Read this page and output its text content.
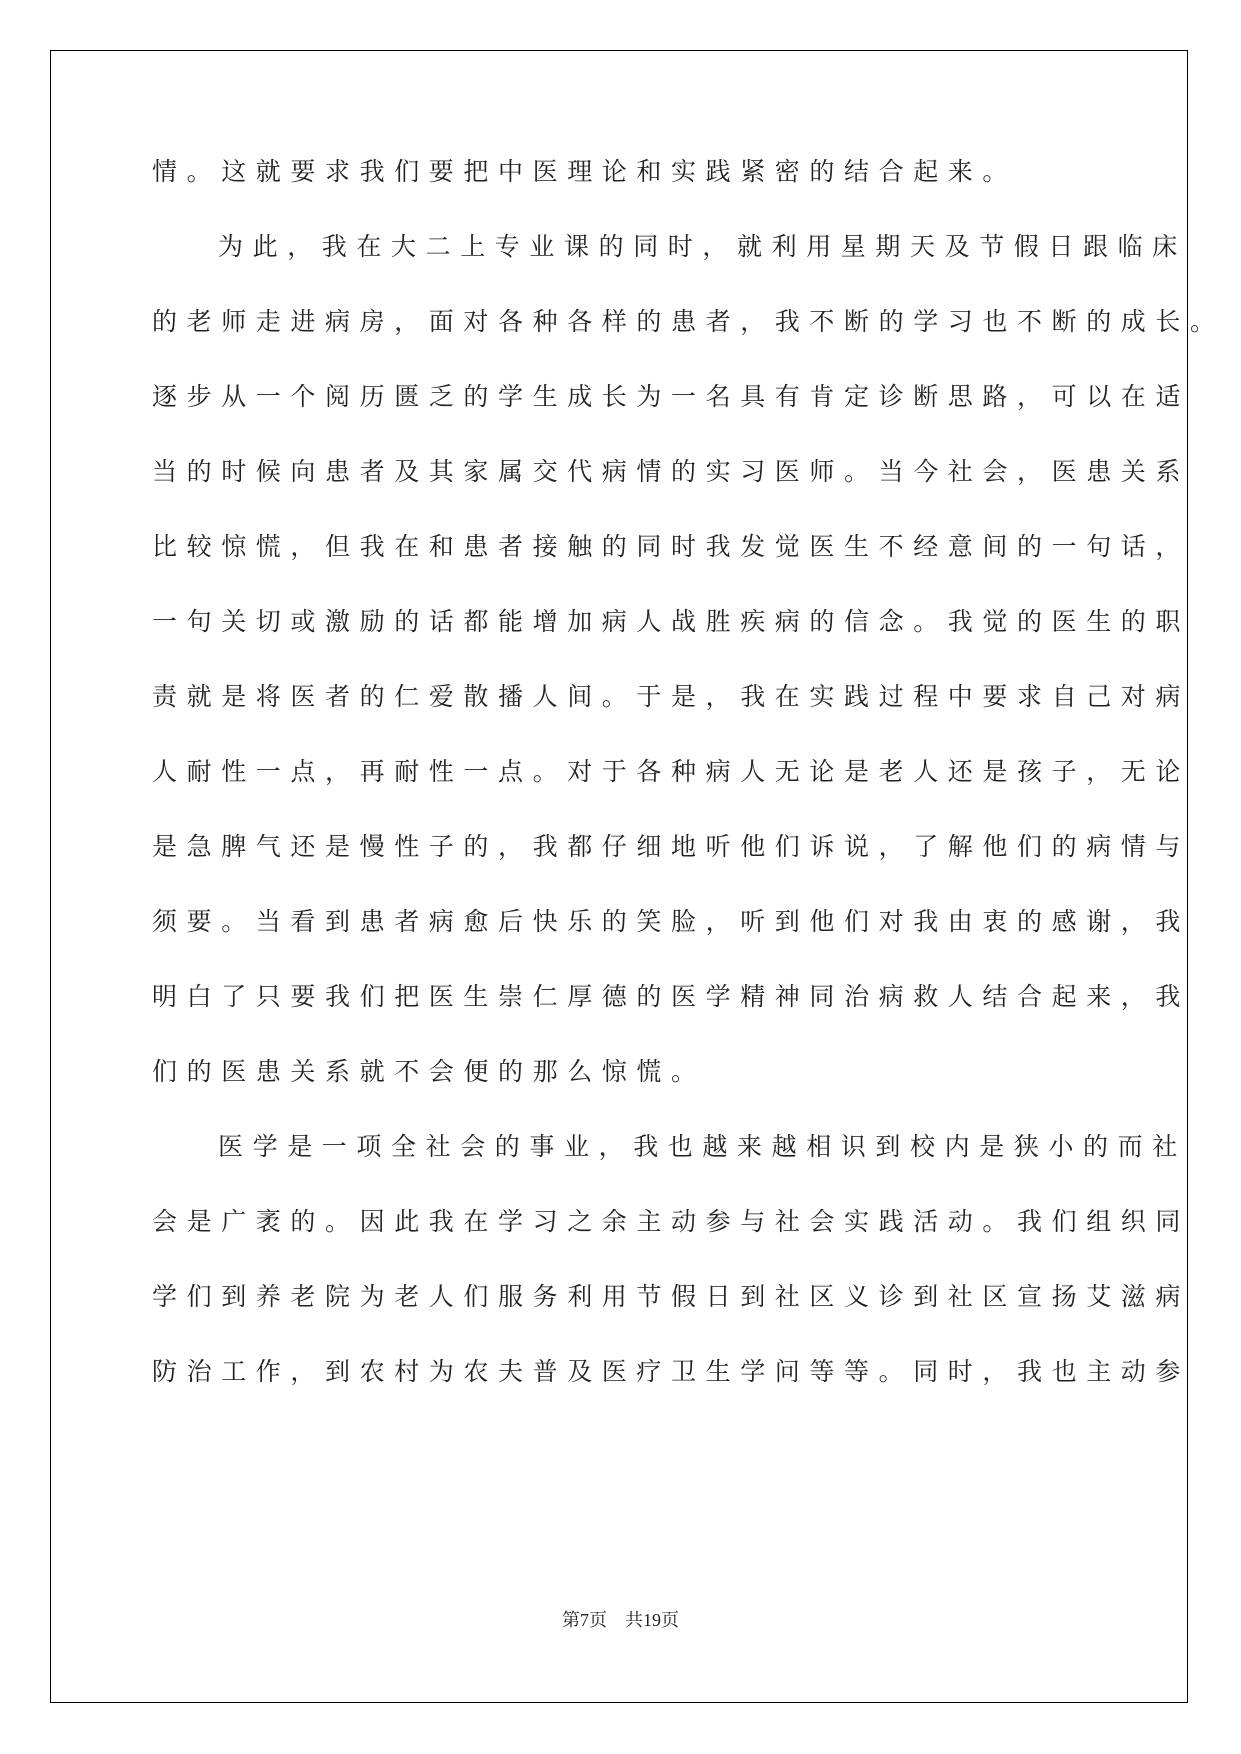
情。这就要求我们要把中医理论和实践紧密的结合起来。

为此，我在大二上专业课的同时，就利用星期天及节假日跟临床

的老师走进病房，面对各种各样的患者，我不断的学习也不断的成长。

逐步从一个阅历匮乏的学生成长为一名具有肯定诊断思路，可以在适

当的时候向患者及其家属交代病情的实习医师。当今社会，医患关系

比较惊慌，但我在和患者接触的同时我发觉医生不经意间的一句话，

一句关切或激励的话都能增加病人战胜疾病的信念。我觉的医生的职

责就是将医者的仁爱散播人间。于是，我在实践过程中要求自己对病

人耐性一点，再耐性一点。对于各种病人无论是老人还是孩子，无论

是急脾气还是慢性子的，我都仔细地听他们诉说，了解他们的病情与

须要。当看到患者病愈后快乐的笑脸，听到他们对我由衷的感谢，我

明白了只要我们把医生崇仁厚德的医学精神同治病救人结合起来，我

们的医患关系就不会便的那么惊慌。

医学是一项全社会的事业，我也越来越相识到校内是狭小的而社

会是广袤的。因此我在学习之余主动参与社会实践活动。我们组织同

学们到养老院为老人们服务利用节假日到社区义诊到社区宣扬艾滋病

防治工作，到农村为农夫普及医疗卫生学问等等。同时，我也主动参

第7页 共19页
